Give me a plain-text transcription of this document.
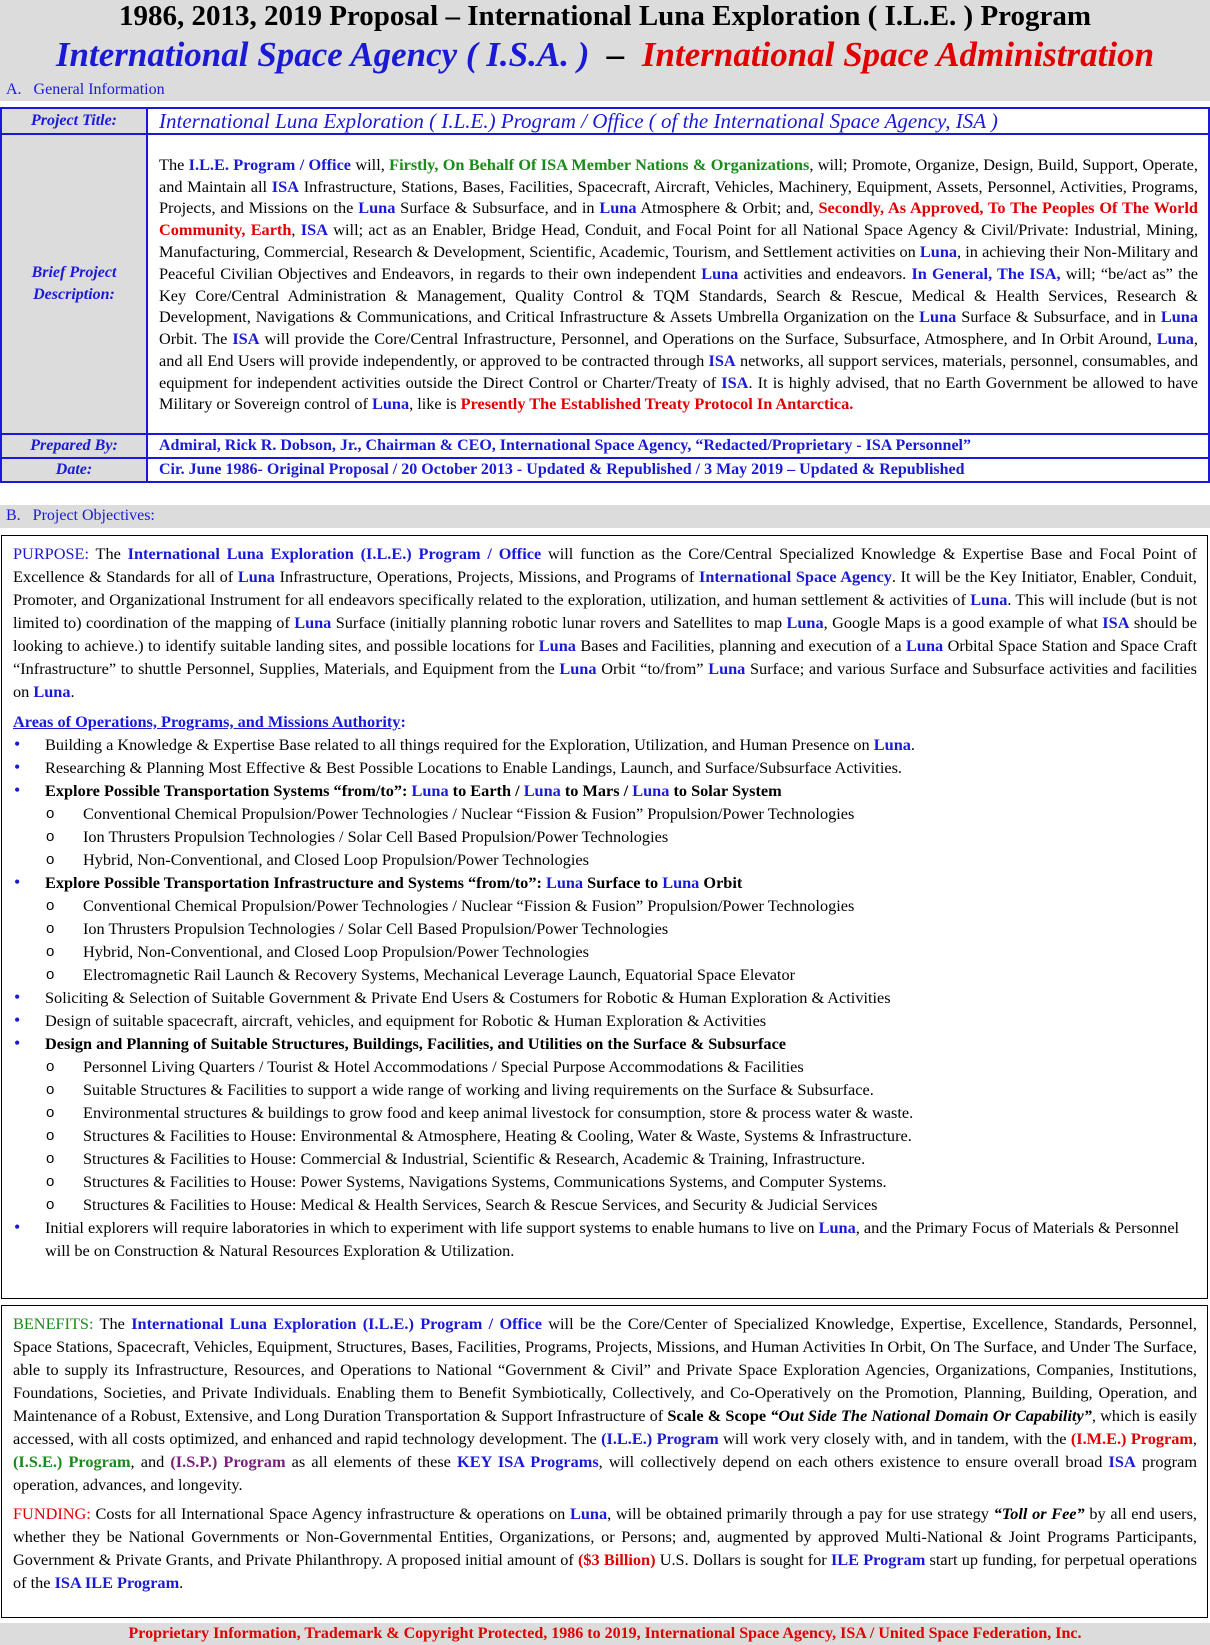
1986, 2013, 2019 Proposal – International Luna Exploration ( I.L.E. ) Program
International Space Agency ( I.S.A. )  –  International Space Administration
A.   General Information
Project Title:	International Luna Exploration ( I.L.E.) Program / Office ( of the International Space Agency, ISA )

Brief Project Description:	The I.L.E. Program / Office will, Firstly, On Behalf Of ISA Member Nations & Organizations, will; Promote, Organize, Design, Build, Support, Operate, and Maintain all ISA Infrastructure, Stations, Bases, Facilities, Spacecraft, Aircraft, Vehicles, Machinery, Equipment, Assets, Personnel, Activities, Programs, Projects, and Missions on the Luna Surface & Subsurface, and in Luna Atmosphere & Orbit; and, Secondly, As Approved, To The Peoples Of The World Community, Earth, ISA will; act as an Enabler, Bridge Head, Conduit, and Focal Point for all National Space Agency & Civil/Private: Industrial, Mining, Manufacturing, Commercial, Research & Development, Scientific, Academic, Tourism, and Settlement activities on Luna, in achieving their Non-Military and Peaceful Civilian Objectives and Endeavors, in regards to their own independent Luna activities and endeavors. In General, The ISA, will; “be/act as” the Key Core/Central Administration & Management, Quality Control & TQM Standards, Search & Rescue, Medical & Health Services, Research & Development, Navigations & Communications, and Critical Infrastructure & Assets Umbrella Organization on the Luna Surface & Subsurface, and in Luna Orbit. The ISA will provide the Core/Central Infrastructure, Personnel, and Operations on the Surface, Subsurface, Atmosphere, and In Orbit Around, Luna, and all End Users will provide independently, or approved to be contracted through ISA networks, all support services, materials, personnel, consumables, and equipment for independent activities outside the Direct Control or Charter/Treaty of ISA. It is highly advised, that no Earth Government be allowed to have Military or Sovereign control of Luna, like is Presently The Established Treaty Protocol In Antarctica.

Prepared By:	Admiral, Rick R. Dobson, Jr., Chairman & CEO, International Space Agency, “Redacted/Proprietary - ISA Personnel”

Date:	Cir. June 1986- Original Proposal / 20 October 2013 - Updated & Republished / 3 May 2019 – Updated & Republished
B.   Project Objectives:
PURPOSE: The International Luna Exploration (I.L.E.) Program / Office will function as the Core/Central Specialized Knowledge & Expertise Base and Focal Point of Excellence & Standards for all of Luna Infrastructure, Operations, Projects, Missions, and Programs of International Space Agency. It will be the Key Initiator, Enabler, Conduit, Promoter, and Organizational Instrument for all endeavors specifically related to the exploration, utilization, and human settlement & activities of Luna. This will include (but is not limited to) coordination of the mapping of Luna Surface (initially planning robotic lunar rovers and Satellites to map Luna, Google Maps is a good example of what ISA should be looking to achieve.) to identify suitable landing sites, and possible locations for Luna Bases and Facilities, planning and execution of a Luna Orbital Space Station and Space Craft “Infrastructure” to shuttle Personnel, Supplies, Materials, and Equipment from the Luna Orbit “to/from” Luna Surface; and various Surface and Subsurface activities and facilities on Luna.
Areas of Operations, Programs, and Missions Authority:
• Building a Knowledge & Expertise Base related to all things required for the Exploration, Utilization, and Human Presence on Luna.
• Researching & Planning Most Effective & Best Possible Locations to Enable Landings, Launch, and Surface/Subsurface Activities.
• Explore Possible Transportation Systems “from/to”: Luna to Earth / Luna to Mars / Luna to Solar System
o Conventional Chemical Propulsion/Power Technologies / Nuclear “Fission & Fusion” Propulsion/Power Technologies
o Ion Thrusters Propulsion Technologies / Solar Cell Based Propulsion/Power Technologies
o Hybrid, Non-Conventional, and Closed Loop Propulsion/Power Technologies
• Explore Possible Transportation Infrastructure and Systems “from/to”: Luna Surface to Luna Orbit
o Conventional Chemical Propulsion/Power Technologies / Nuclear “Fission & Fusion” Propulsion/Power Technologies
o Ion Thrusters Propulsion Technologies / Solar Cell Based Propulsion/Power Technologies
o Hybrid, Non-Conventional, and Closed Loop Propulsion/Power Technologies
o Electromagnetic Rail Launch & Recovery Systems, Mechanical Leverage Launch, Equatorial Space Elevator
• Soliciting & Selection of Suitable Government & Private End Users & Costumers for Robotic & Human Exploration & Activities
• Design of suitable spacecraft, aircraft, vehicles, and equipment for Robotic & Human Exploration & Activities
• Design and Planning of Suitable Structures, Buildings, Facilities, and Utilities on the Surface & Subsurface
o Personnel Living Quarters / Tourist & Hotel Accommodations / Special Purpose Accommodations & Facilities
o Suitable Structures & Facilities to support a wide range of working and living requirements on the Surface & Subsurface.
o Environmental structures & buildings to grow food and keep animal livestock for consumption, store & process water & waste.
o Structures & Facilities to House: Environmental & Atmosphere, Heating & Cooling, Water & Waste, Systems & Infrastructure.
o Structures & Facilities to House: Commercial & Industrial, Scientific & Research, Academic & Training, Infrastructure.
o Structures & Facilities to House: Power Systems, Navigations Systems, Communications Systems, and Computer Systems.
o Structures & Facilities to House: Medical & Health Services, Search & Rescue Services, and Security & Judicial Services
• Initial explorers will require laboratories in which to experiment with life support systems to enable humans to live on Luna, and the Primary Focus of Materials & Personnel will be on Construction & Natural Resources Exploration & Utilization.
BENEFITS: The International Luna Exploration (I.L.E.) Program / Office will be the Core/Center of Specialized Knowledge, Expertise, Excellence, Standards, Personnel, Space Stations, Spacecraft, Vehicles, Equipment, Structures, Bases, Facilities, Programs, Projects, Missions, and Human Activities In Orbit, On The Surface, and Under The Surface, able to supply its Infrastructure, Resources, and Operations to National “Government & Civil” and Private Space Exploration Agencies, Organizations, Companies, Institutions, Foundations, Societies, and Private Individuals. Enabling them to Benefit Symbiotically, Collectively, and Co-Operatively on the Promotion, Planning, Building, Operation, and Maintenance of a Robust, Extensive, and Long Duration Transportation & Support Infrastructure of Scale & Scope “Out Side The National Domain Or Capability”, which is easily accessed, with all costs optimized, and enhanced and rapid technology development. The (I.L.E.) Program will work very closely with, and in tandem, with the (I.M.E.) Program, (I.S.E.) Program, and (I.S.P.) Program as all elements of these KEY ISA Programs, will collectively depend on each others existence to ensure overall broad ISA program operation, advances, and longevity.
FUNDING: Costs for all International Space Agency infrastructure & operations on Luna, will be obtained primarily through a pay for use strategy “Toll or Fee” by all end users, whether they be National Governments or Non-Governmental Entities, Organizations, or Persons; and, augmented by approved Multi-National & Joint Programs Participants, Government & Private Grants, and Private Philanthropy. A proposed initial amount of ($3 Billion) U.S. Dollars is sought for ILE Program start up funding, for perpetual operations of the ISA ILE Program.
Proprietary Information, Trademark & Copyright Protected, 1986 to 2019, International Space Agency, ISA / United Space Federation, Inc.
